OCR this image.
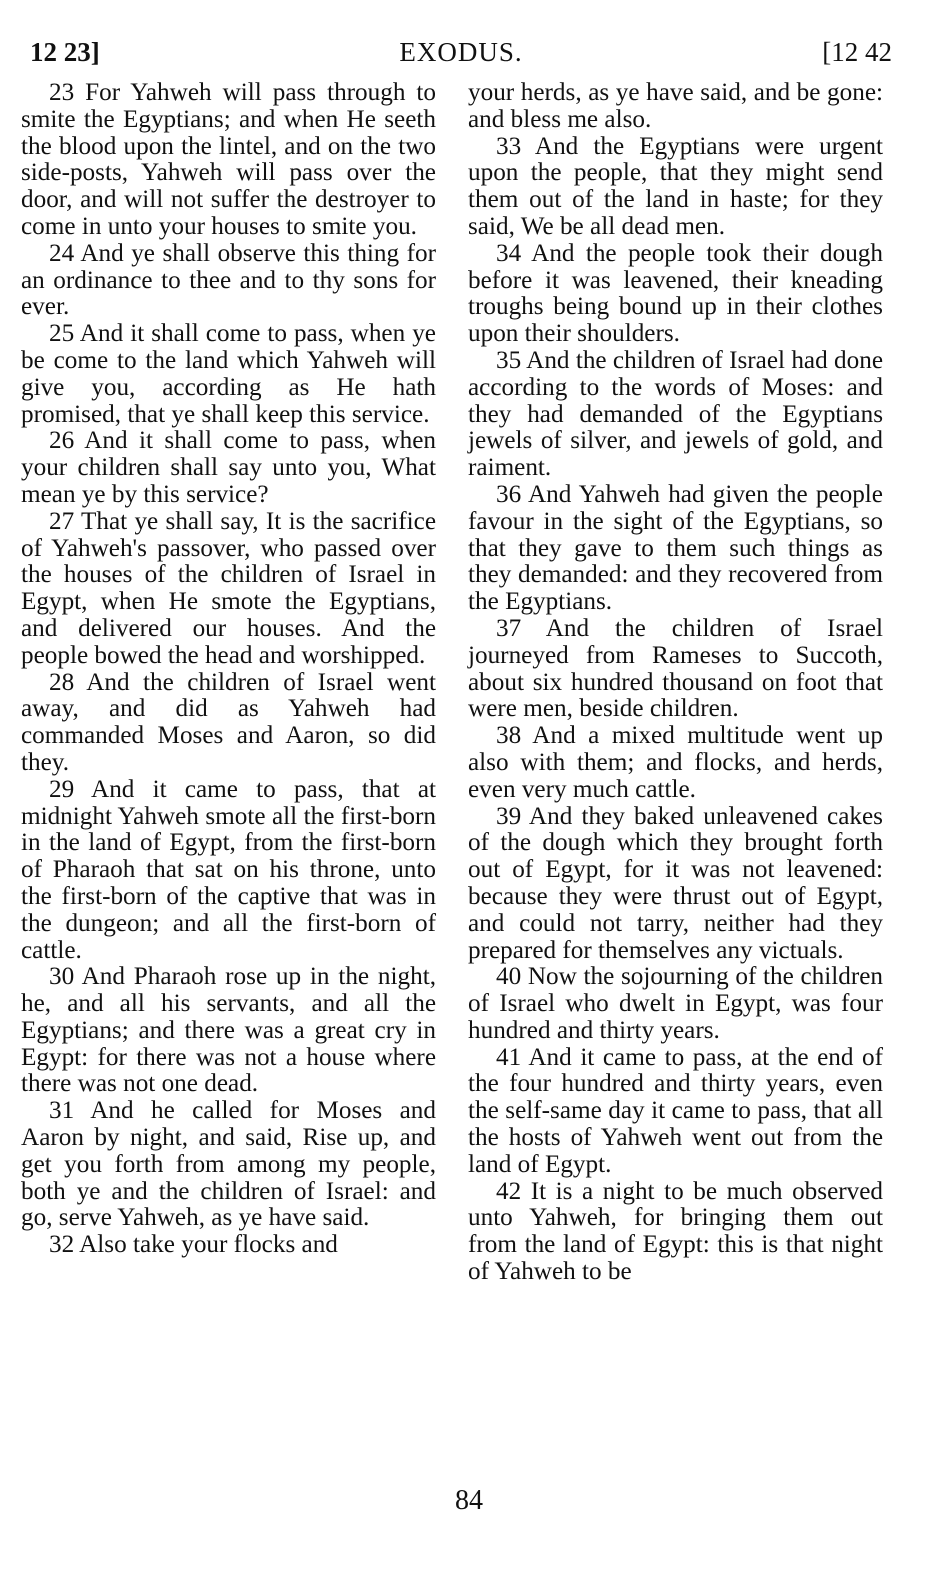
12 23]	EXODUS.	[12 42

23 For Yahweh will pass through to smite the Egyptians; and when He seeth the blood upon the lintel, and on the two side-posts, Yahweh will pass over the door, and will not suffer the destroyer to come in unto your houses to smite you.

24 And ye shall observe this thing for an ordinance to thee and to thy sons for ever.

25 And it shall come to pass, when ye be come to the land which Yahweh will give you, according as He hath promised, that ye shall keep this service.

26 And it shall come to pass, when your children shall say unto you, What mean ye by this service?

27 That ye shall say, It is the sacrifice of Yahweh's passover, who passed over the houses of the children of Israel in Egypt, when He smote the Egyptians, and delivered our houses. And the people bowed the head and worshipped.

28 And the children of Israel went away, and did as Yahweh had commanded Moses and Aaron, so did they.

29 And it came to pass, that at midnight Yahweh smote all the first-born in the land of Egypt, from the first-born of Pharaoh that sat on his throne, unto the first-born of the captive that was in the dungeon; and all the first-born of cattle.

30 And Pharaoh rose up in the night, he, and all his servants, and all the Egyptians; and there was a great cry in Egypt: for there was not a house where there was not one dead.

31 And he called for Moses and Aaron by night, and said, Rise up, and get you forth from among my people, both ye and the children of Israel: and go, serve Yahweh, as ye have said.

32 Also take your flocks and

your herds, as ye have said, and be gone: and bless me also.

33 And the Egyptians were urgent upon the people, that they might send them out of the land in haste; for they said, We be all dead men.

34 And the people took their dough before it was leavened, their kneading troughs being bound up in their clothes upon their shoulders.

35 And the children of Israel had done according to the words of Moses: and they had demanded of the Egyptians jewels of silver, and jewels of gold, and raiment.

36 And Yahweh had given the people favour in the sight of the Egyptians, so that they gave to them such things as they demanded: and they recovered from the Egyptians.

37 And the children of Israel journeyed from Rameses to Succoth, about six hundred thousand on foot that were men, beside children.

38 And a mixed multitude went up also with them; and flocks, and herds, even very much cattle.

39 And they baked unleavened cakes of the dough which they brought forth out of Egypt, for it was not leavened: because they were thrust out of Egypt, and could not tarry, neither had they prepared for themselves any victuals.

40 Now the sojourning of the children of Israel who dwelt in Egypt, was four hundred and thirty years.

41 And it came to pass, at the end of the four hundred and thirty years, even the self-same day it came to pass, that all the hosts of Yahweh went out from the land of Egypt.

42 It is a night to be much observed unto Yahweh, for bringing them out from the land of Egypt: this is that night of Yahweh to be

84
